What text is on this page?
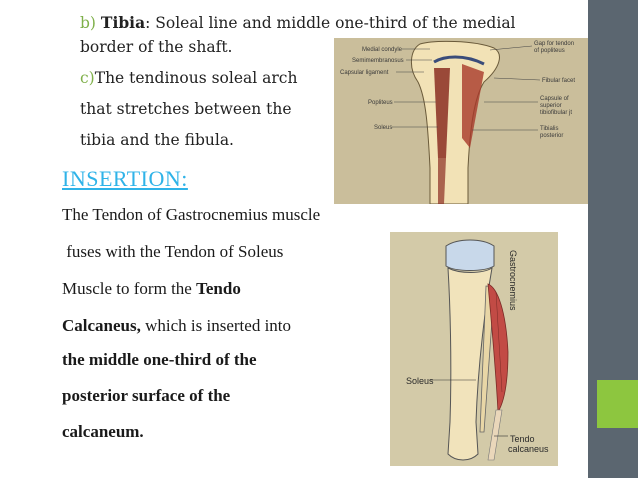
b) Tibia: Soleal line and middle one-third of the medial
border of the shaft.
c)The tendinous soleal arch
that stretches between the
tibia and the fibula.
Medial condyle
Semimembranosus
Capsular ligament
Popliteus
Soleus
Gap for tendon
of popliteus
Fibular facet
Capsule of
superior
tibiofibular jt
Tibialis
posterior
INSERTION:
The Tendon of Gastrocnemius muscle
fuses with the Tendon of Soleus
Muscle to form the Tendo
Calcaneus, which is inserted into
the middle one-third of the
posterior surface of the
calcaneum.
Soleus
Tendo
calcaneus
Gastrocnemius
